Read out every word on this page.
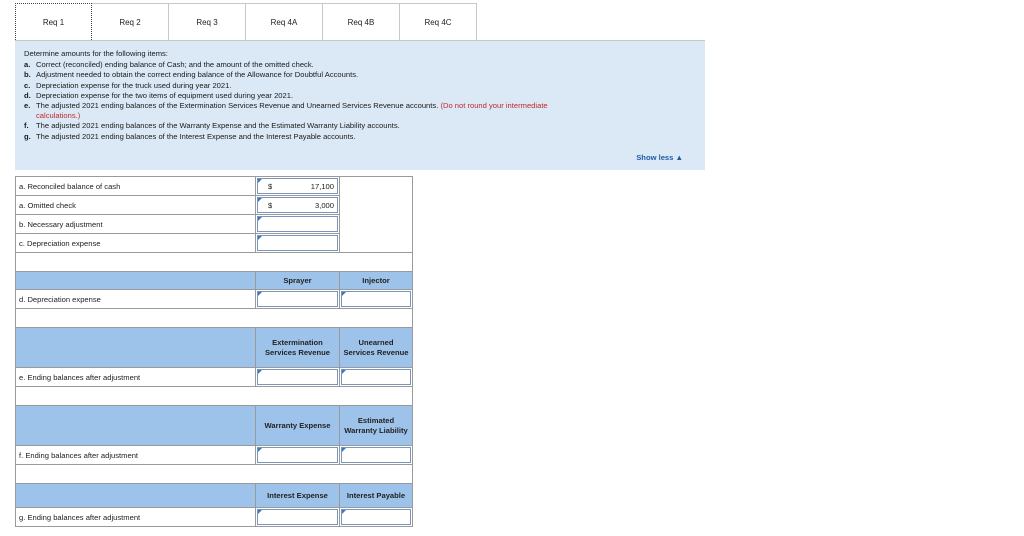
Req 1	Req 2	Req 3	Req 4A	Req 4B	Req 4C
Determine amounts for the following items:
a. Correct (reconciled) ending balance of Cash; and the amount of the omitted check.
b. Adjustment needed to obtain the correct ending balance of the Allowance for Doubtful Accounts.
c. Depreciation expense for the truck used during year 2021.
d. Depreciation expense for the two items of equipment used during year 2021.
e. The adjusted 2021 ending balances of the Extermination Services Revenue and Unearned Services Revenue accounts. (Do not round your intermediate
calculations.)
f. The adjusted 2021 ending balances of the Warranty Expense and the Estimated Warranty Liability accounts.
g. The adjusted 2021 ending balances of the Interest Expense and the Interest Payable accounts.
Show less ▲
a. Reconciled balance of cash	$ 17,100	

a. Omitted check	$ 3,000	

b. Necessary adjustment		

c. Depreciation expense		

	Sprayer	Injector
d. Depreciation expense	

	Extermination Services Revenue	Unearned Services Revenue
e. Ending balances after adjustment	

	Warranty Expense	Estimated Warranty Liability
f. Ending balances after adjustment	

	Interest Expense	Interest Payable
g. Ending balances after adjustment	
